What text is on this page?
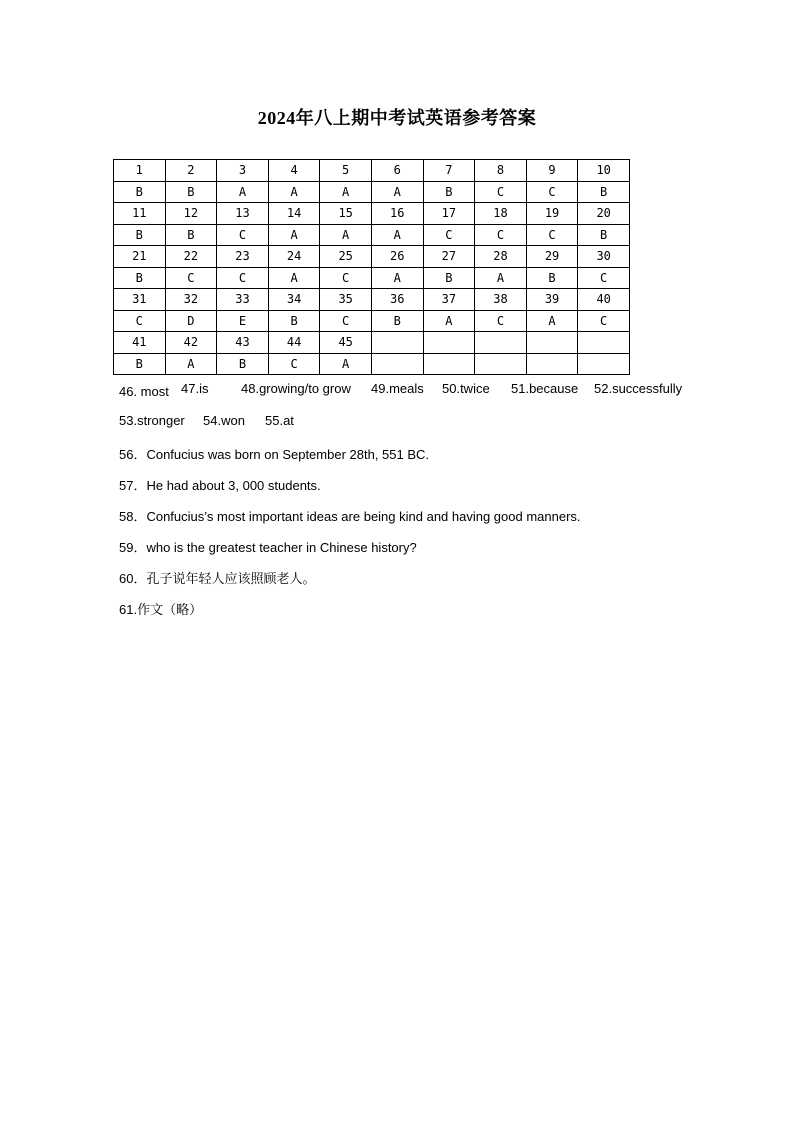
2024年八上期中考试英语参考答案
1	2	3	4	5	6	7	8	9	10
B	B	A	A	A	A	B	C	C	B
11	12	13	14	15	16	17	18	19	20
B	B	C	A	A	A	C	C	C	B
21	22	23	24	25	26	27	28	29	30
B	C	C	A	C	A	B	A	B	C
31	32	33	34	35	36	37	38	39	40
C	D	E	B	C	B	A	C	A	C
41	42	43	44	45					
B	A	B	C	A					
46. most 47.is	48.growing/to grow 49.meals 50.twice 51.because 52.successfully
53.stronger 54.won 55.at
56．Confucius was born on September 28th, 551 BC.
57．He had about 3, 000 students.
58．Confucius’s most important ideas are being kind and having good manners.
59．who is the greatest teacher in Chinese history?
60．孔子说年轻人应该照顾老人。
61.作文（略）
